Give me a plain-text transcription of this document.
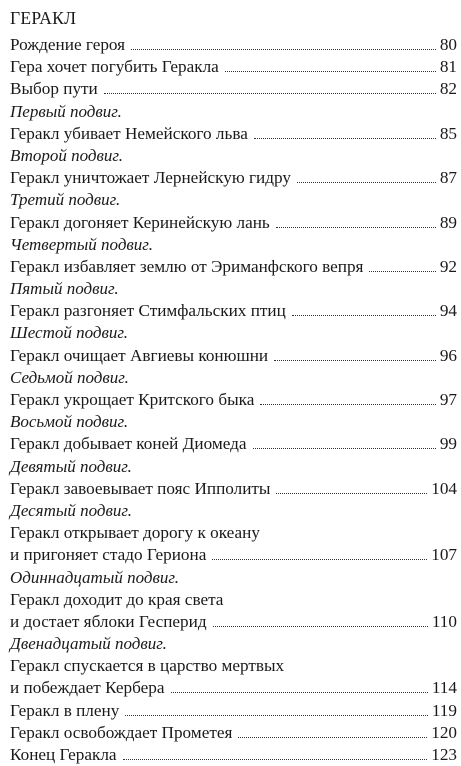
ГЕРАКЛ
Рождение героя	80
Гера хочет погубить Геракла	81
Выбор пути	82
Первый подвиг.
Геракл убивает Немейского льва	85
Второй подвиг.
Геракл уничтожает Лернейскую гидру	87
Третий подвиг.
Геракл догоняет Керинейскую лань	89
Четвертый подвиг.
Геракл избавляет землю от Эриманфского вепря	92
Пятый подвиг.
Геракл разгоняет Стимфальских птиц	94
Шестой подвиг.
Геракл очищает Авгиевы конюшни	96
Седьмой подвиг.
Геракл укрощает Критского быка	97
Восьмой подвиг.
Геракл добывает коней Диомеда	99
Девятый подвиг.
Геракл завоевывает пояс Ипполиты	104
Десятый подвиг.
Геракл открывает дорогу к океану
и пригоняет стадо Гериона	107
Одиннадцатый подвиг.
Геракл доходит до края света
и достает яблоки Гесперид	110
Двенадцатый подвиг.
Геракл спускается в царство мертвых
и побеждает Кербера	114
Геракл в плену	119
Геракл освобождает Прометея	120
Конец Геракла	123
